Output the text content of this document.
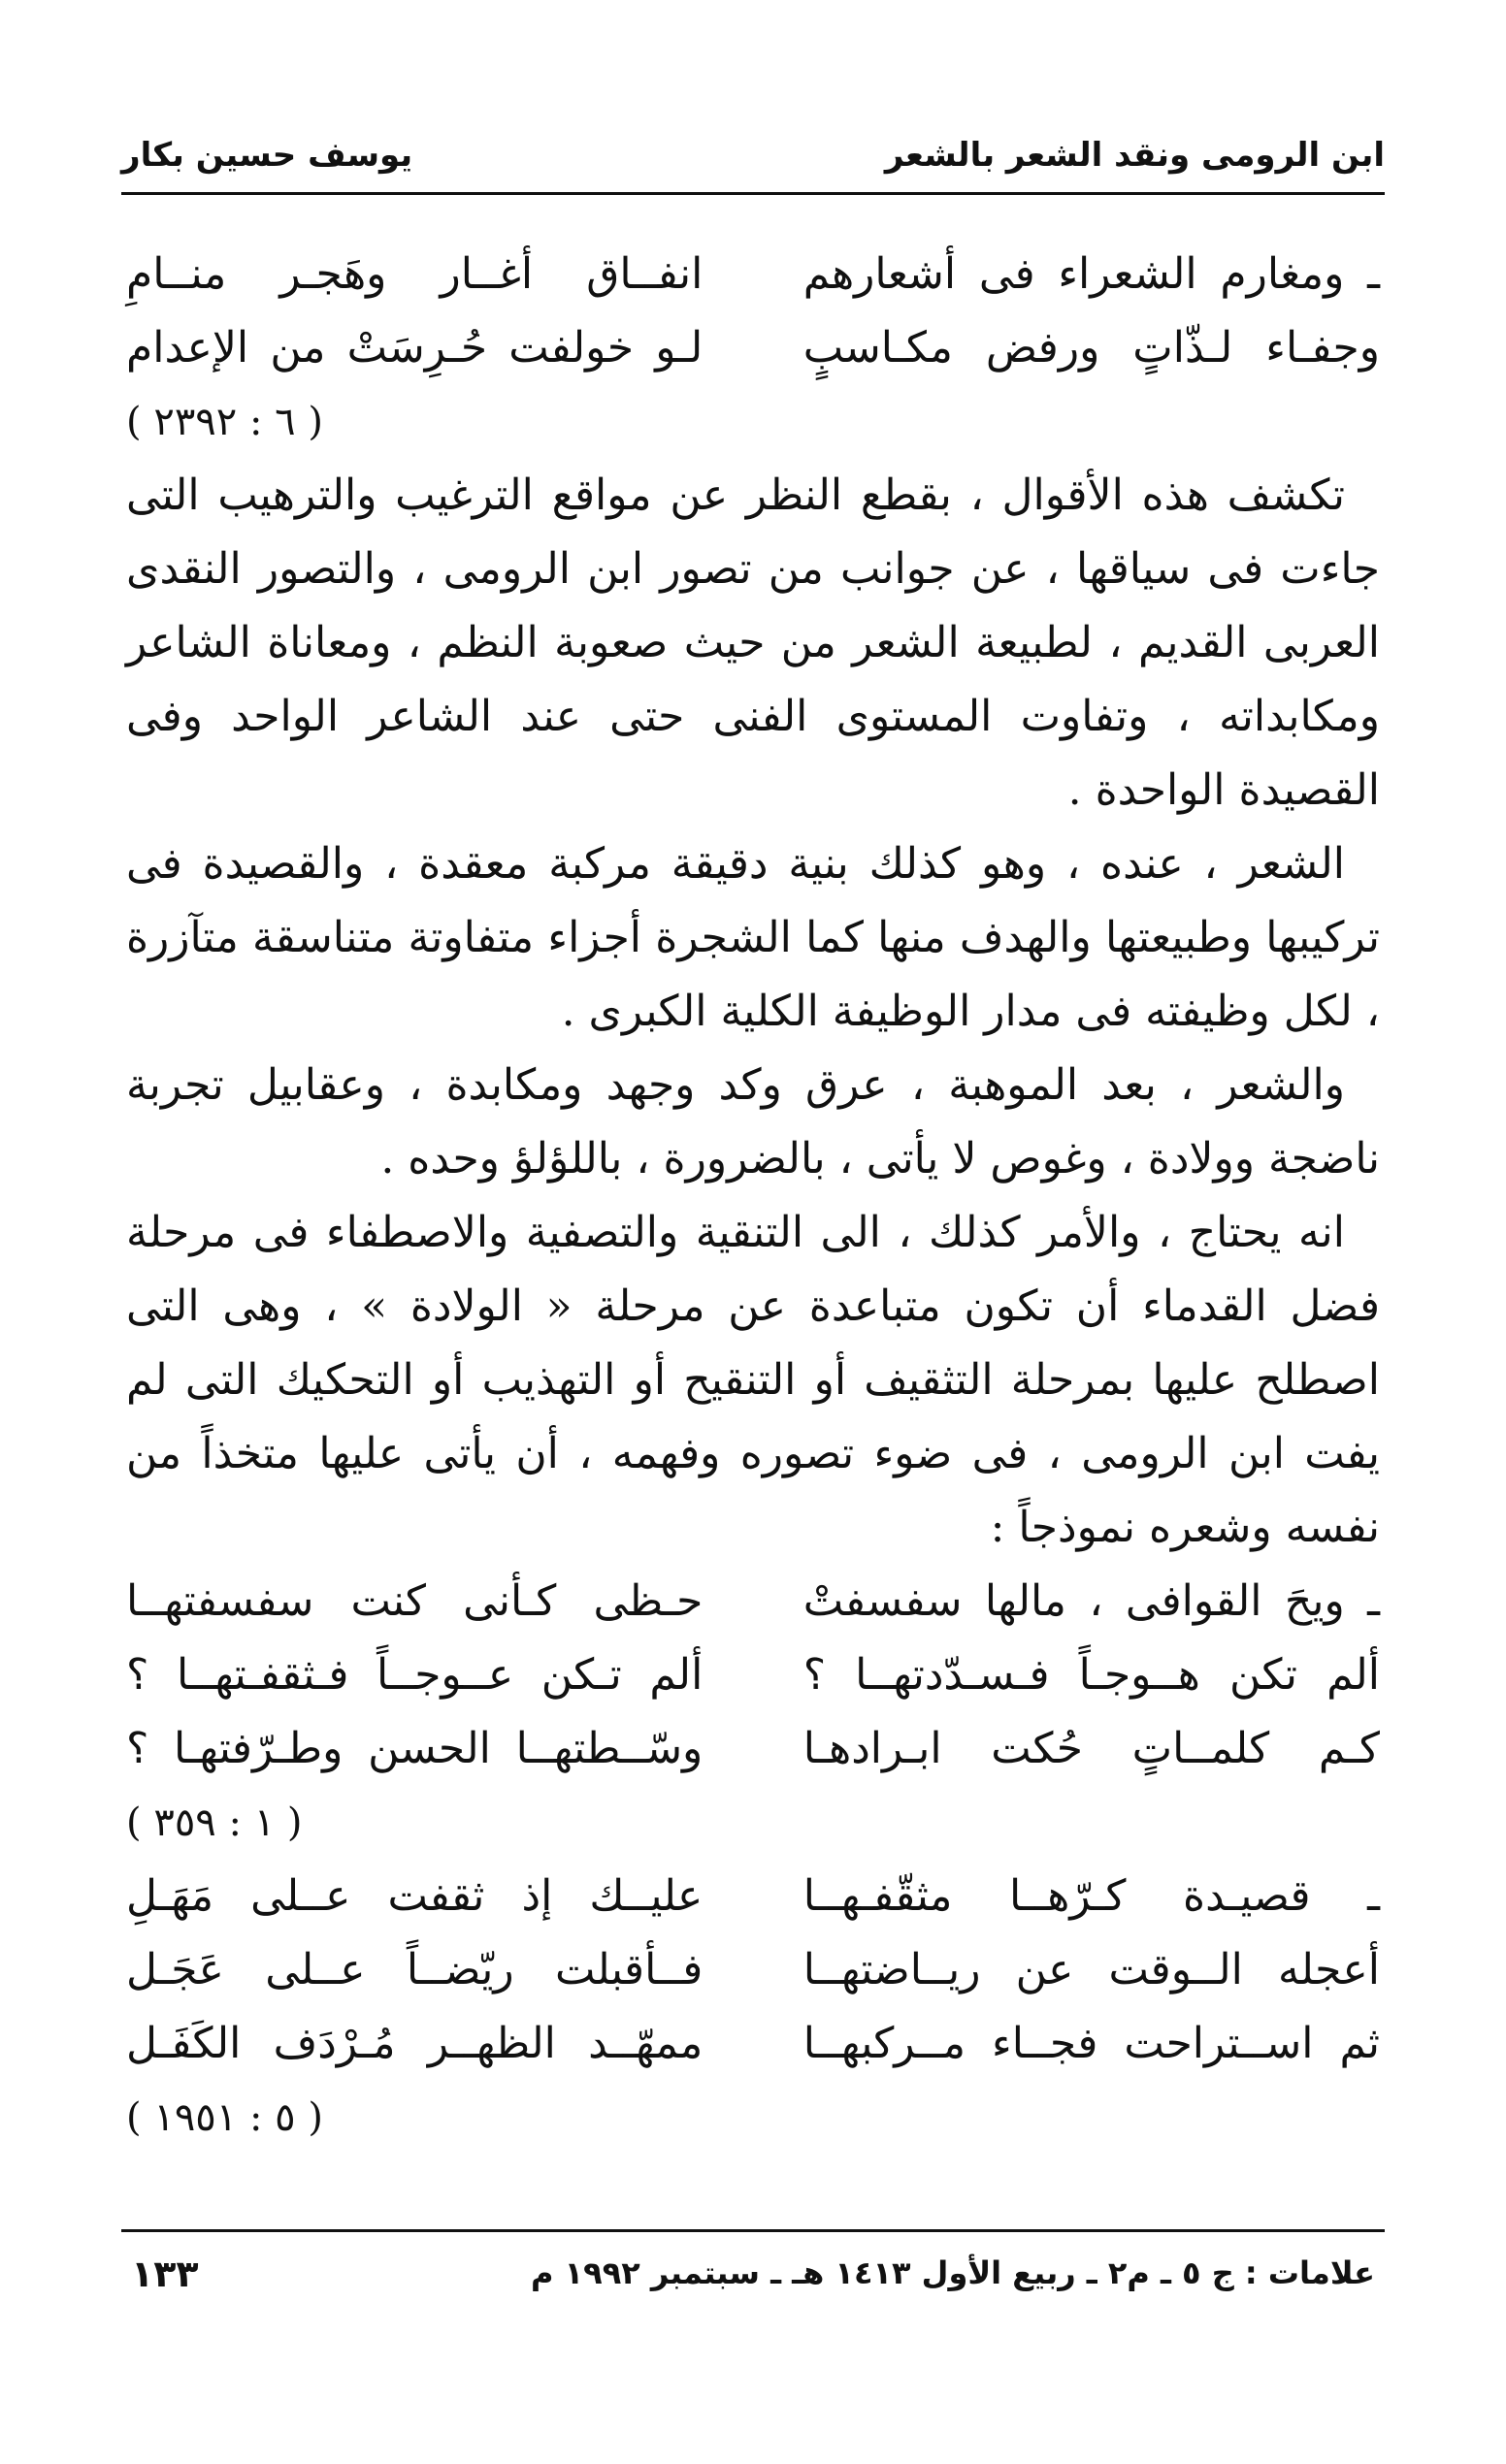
ابن الرومى ونقد الشعر بالشعر
يوسف حسين بكار
ـ ومغارم الشعراء فى أشعارهم
انفــاق أغــار وهَجـر منــامِ
وجفـاء لـذّاتٍ ورفض مكـاسبٍ
لـو خولفت حُـرِسَتْ من الإعدام
( ٦ : ٢٣٩٢ )

تكشف هذه الأقوال ، بقطع النظر عن مواقع الترغيب والترهيب التى جاءت فى سياقها ، عن جوانب من تصور ابن الرومى ، والتصور النقدى العربى القديم ، لطبيعة الشعر من حيث صعوبة النظم ، ومعاناة الشاعر ومكابداته ، وتفاوت المستوى الفنى حتى عند الشاعر الواحد وفى القصيدة الواحدة .

الشعر ، عنده ، وهو كذلك بنية دقيقة مركبة معقدة ، والقصيدة فى تركيبها وطبيعتها والهدف منها كما الشجرة أجزاء متفاوتة متناسقة متآزرة ، لكل وظيفته فى مدار الوظيفة الكلية الكبرى .

والشعر ، بعد الموهبة ، عرق وكد وجهد ومكابدة ، وعقابيل تجربة ناضجة وولادة ، وغوص لا يأتى ، بالضرورة ، باللؤلؤ وحده .

انه يحتاج ، والأمر كذلك ، الى التنقية والتصفية والاصطفاء فى مرحلة فضل القدماء أن تكون متباعدة عن مرحلة « الولادة » ، وهى التى اصطلح عليها بمرحلة التثقيف أو التنقيح أو التهذيب أو التحكيك التى لم يفت ابن الرومى ، فى ضوء تصوره وفهمه ، أن يأتى عليها متخذاً من نفسه وشعره نموذجاً :

ـ ويحَ القوافى ، مالها سفسفتْ
حـظى كـأنى كنت سفسفتهــا
ألم تكن هــوجـاً فـسـدّدتهــا ؟
ألم تـكن عــوجــاً فـثقفـتهــا ؟
كـم كلمــاتٍ حُكت ابـرادهـا
وسّــطتهــا الحسن وطـرّفتهـا ؟
( ١ : ٣٥٩ )
ـ قصيـدة كـرّهــا مثقّفـهــا
عليــك إذ ثقفت عــلى مَهَـلِ
أعجله الــوقت عن ريــاضتهــا
فــأقبلت ريّضــاً عــلى عَجَـل
ثم اســتراحت فجــاء مــركبهــا
ممهّــد الظهــر مُـرْدَف الكَفَـل
( ٥ : ١٩٥١ )
علامات : ج ٥ ـ م٢ ـ ربيع الأول ١٤١٣ هـ ـ سبتمبر ١٩٩٢ م
١٣٣
